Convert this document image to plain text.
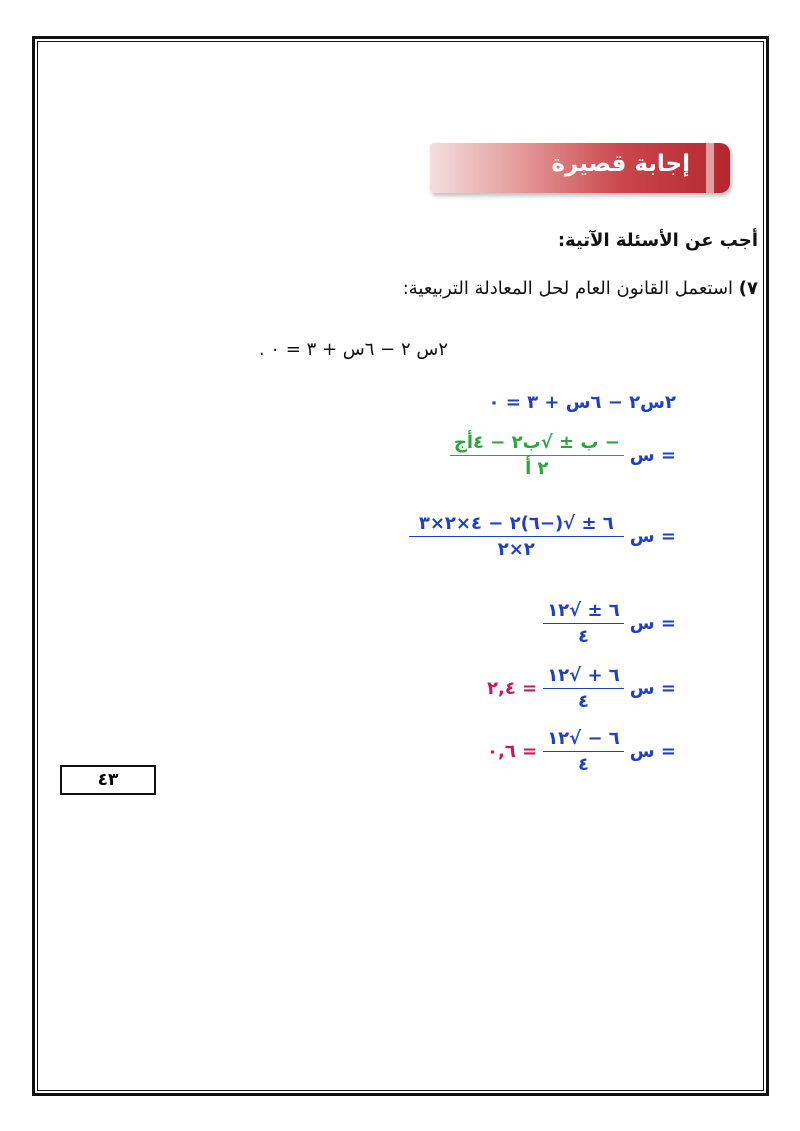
إجابة قصيرة
أجب عن الأسئلة الآتية:
٧) استعمل القانون العام لحل المعادلة التربيعية:
٢س ٢ − ٦س + ٣ = ٠ .
٢س٢ − ٦س + ٣ = ٠
س =
$\frac{\text{− ب ± √ب٢ − ٤أج}}{\text{٢ أ}}$
س =
$\frac{٦ \pm √(-٦)٢ - ٤\times ٢\times ٣}{٢\times ٢}$
س =
$\frac{٦ \pm √١٢}{٤}$
س =
$\frac{٦ + √١٢}{٤}$
= ٢,٤
س =
$\frac{٦ - √١٢}{٤}$
= ٠,٦
٤٣
